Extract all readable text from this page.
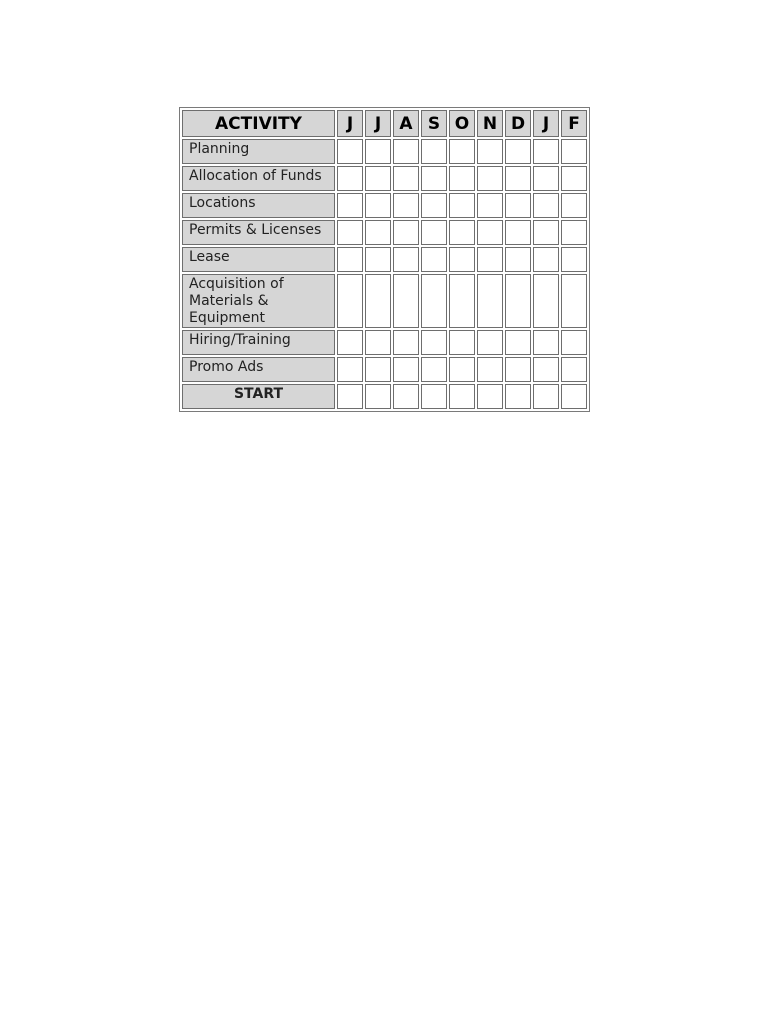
ACTIVITY	J	J	A	S	O	N	D	J	F
Planning									
Allocation of Funds									
Locations									
Permits & Licenses									
Lease									
Acquisition of Materials & Equipment									
Hiring/Training									
Promo Ads									
START									
